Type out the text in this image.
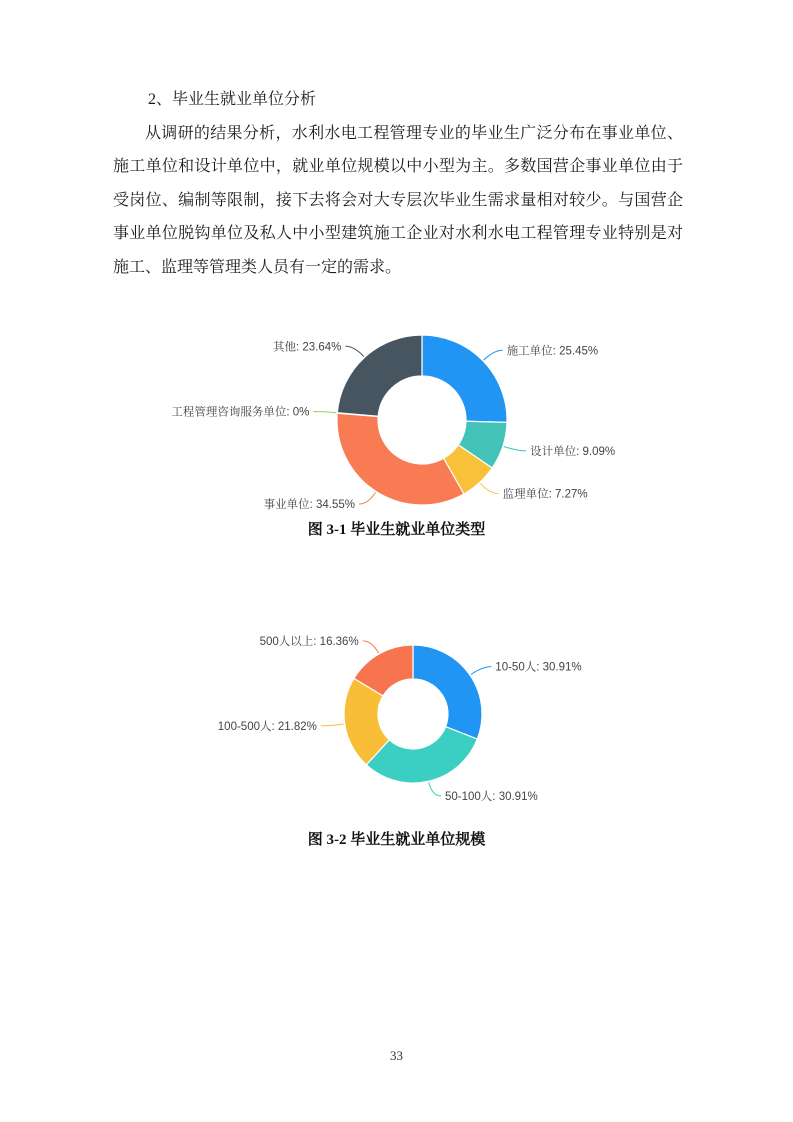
2、毕业生就业单位分析

从调研的结果分析，水利水电工程管理专业的毕业生广泛分布在事业单位、施工单位和设计单位中，就业单位规模以中小型为主。多数国营企事业单位由于受岗位、编制等限制，接下去将会对大专层次毕业生需求量相对较少。与国营企事业单位脱钩单位及私人中小型建筑施工企业对水利水电工程管理专业特别是对施工、监理等管理类人员有一定的需求。

施工单位: 25.45%
设计单位: 9.09%
监理单位: 7.27%
事业单位: 34.55%
工程管理咨询服务单位: 0%
其他: 23.64%
图 3-1 毕业生就业单位类型
10-50人: 30.91%
50-100人: 30.91%
100-500人: 21.82%
500人以上: 16.36%
图 3-2 毕业生就业单位规模
33
